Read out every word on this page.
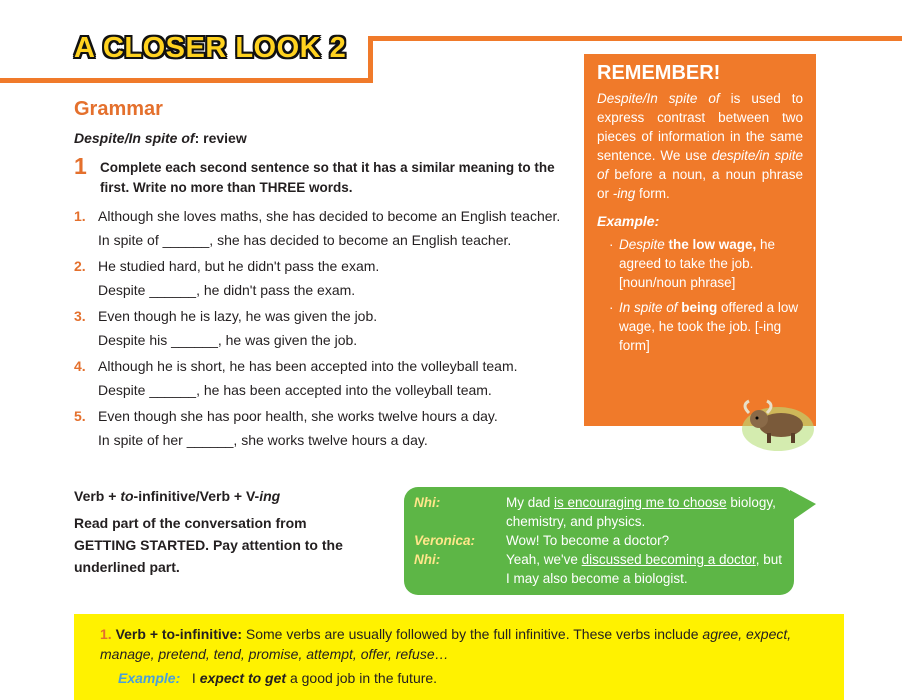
A CLOSER LOOK 2
Grammar
Despite/In spite of: review
1 Complete each second sentence so that it has a similar meaning to the first. Write no more than THREE words.
1. Although she loves maths, she has decided to become an English teacher.
In spite of ______, she has decided to become an English teacher.
2. He studied hard, but he didn't pass the exam.
Despite ______, he didn't pass the exam.
3. Even though he is lazy, he was given the job.
Despite his ______, he was given the job.
4. Although he is short, he has been accepted into the volleyball team.
Despite ______, he has been accepted into the volleyball team.
5. Even though she has poor health, she works twelve hours a day.
In spite of her ______, she works twelve hours a day.
REMEMBER!
Despite/In spite of is used to express contrast between two pieces of information in the same sentence. We use despite/in spite of before a noun, a noun phrase or -ing form.
Example:
· Despite the low wage, he agreed to take the job. [noun/noun phrase]
· In spite of being offered a low wage, he took the job. [-ing form]
Verb + to-infinitive/Verb + V-ing
Read part of the conversation from GETTING STARTED. Pay attention to the underlined part.
Nhi:	My dad is encouraging me to choose biology, chemistry, and physics.
Veronica: Wow! To become a doctor?
Nhi:	Yeah, we've discussed becoming a doctor, but I may also become a biologist.
1. Verb + to-infinitive: Some verbs are usually followed by the full infinitive. These verbs include agree, expect, manage, pretend, tend, promise, attempt, offer, refuse…
Example: I expect to get a good job in the future.
